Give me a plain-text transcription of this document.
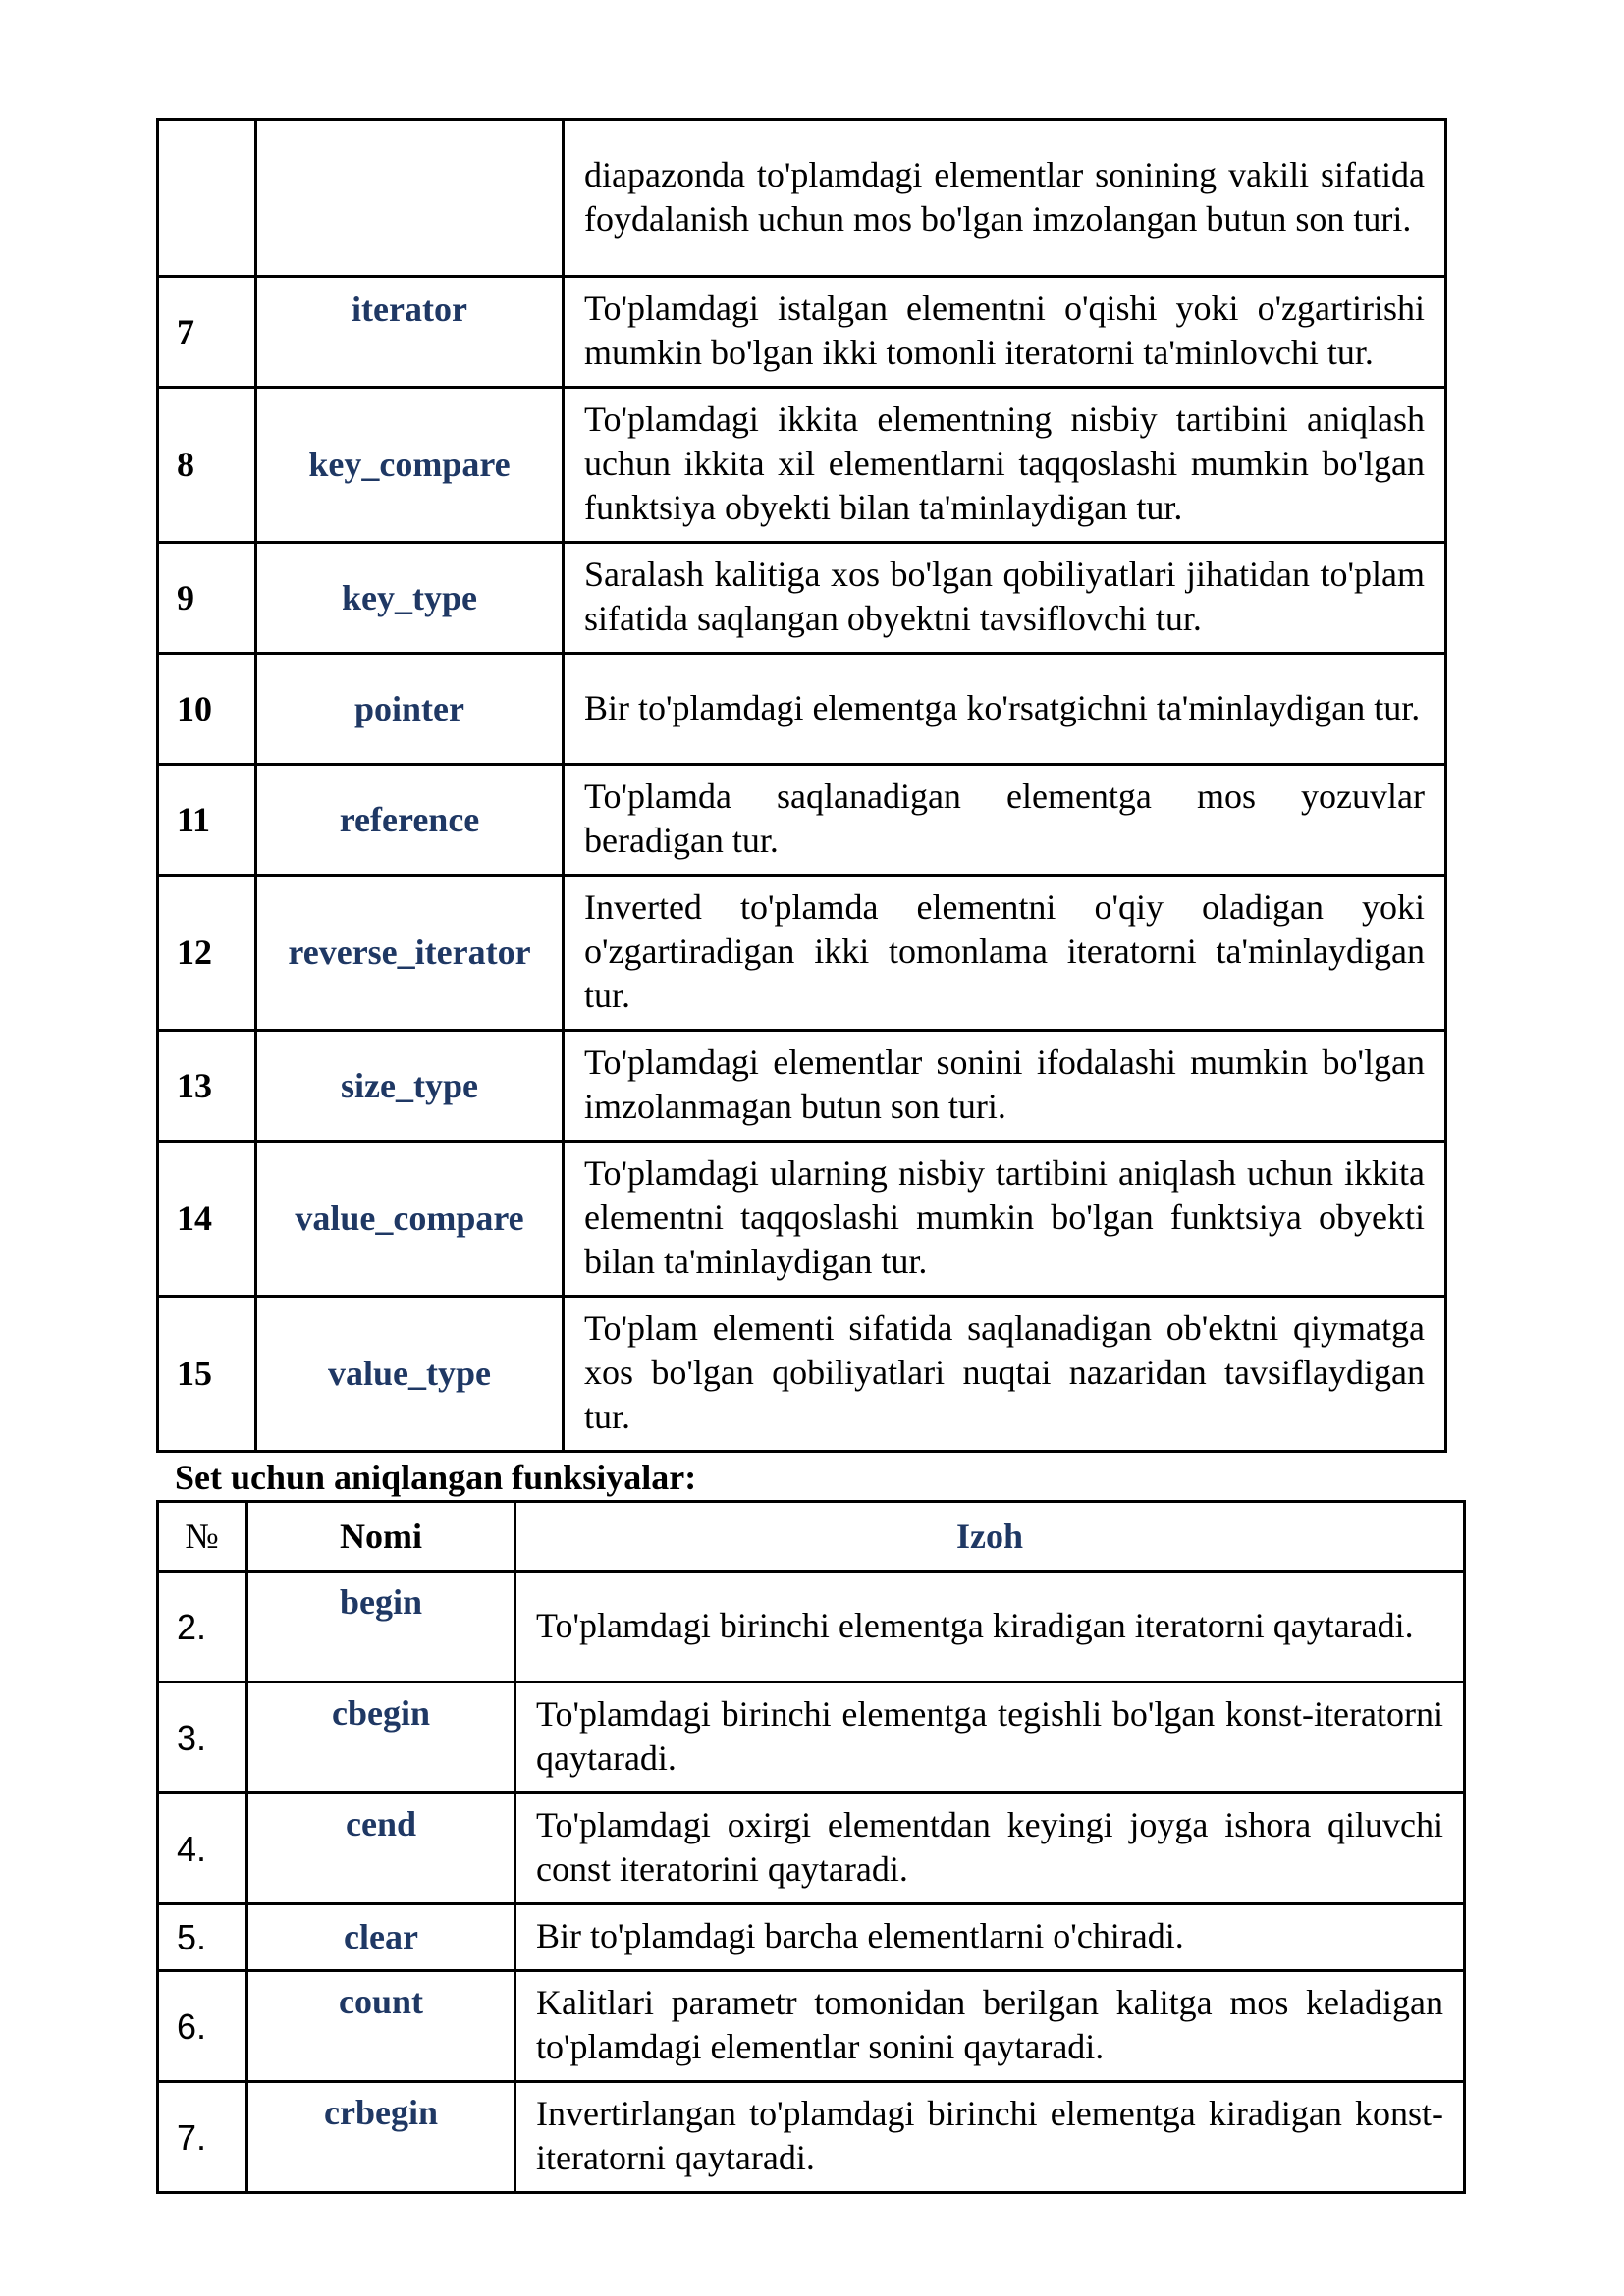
		diapazonda to'plamdagi elementlar sonining vakili sifatida foydalanish uchun mos bo'lgan imzolangan butun son turi.
7	iterator	To'plamdagi istalgan elementni o'qishi yoki o'zgartirishi mumkin bo'lgan ikki tomonli iteratorni ta'minlovchi tur.
8	key_compare	To'plamdagi ikkita elementning nisbiy tartibini aniqlash uchun ikkita xil elementlarni taqqoslashi mumkin bo'lgan funktsiya obyekti bilan ta'minlaydigan tur.
9	key_type	Saralash kalitiga xos bo'lgan qobiliyatlari jihatidan to'plam sifatida saqlangan obyektni tavsiflovchi tur.
10	pointer	Bir to'plamdagi elementga ko'rsatgichni ta'minlaydigan tur.
11	reference	To'plamda saqlanadigan elementga mos yozuvlar beradigan tur.
12	reverse_iterator	Inverted to'plamda elementni o'qiy oladigan yoki o'zgartiradigan ikki tomonlama iteratorni ta'minlaydigan tur.
13	size_type	To'plamdagi elementlar sonini ifodalashi mumkin bo'lgan imzolanmagan butun son turi.
14	value_compare	To'plamdagi ularning nisbiy tartibini aniqlash uchun ikkita elementni taqqoslashi mumkin bo'lgan funktsiya obyekti bilan ta'minlaydigan tur.
15	value_type	To'plam elementi sifatida saqlanadigan ob'ektni qiymatga xos bo'lgan qobiliyatlari nuqtai nazaridan tavsiflaydigan tur.
Set uchun aniqlangan funksiyalar:
№	Nomi	Izoh
2.	begin	To'plamdagi birinchi elementga kiradigan iteratorni qaytaradi.
3.	cbegin	To'plamdagi birinchi elementga tegishli bo'lgan konst-iteratorni qaytaradi.
4.	cend	To'plamdagi oxirgi elementdan keyingi joyga ishora qiluvchi const iteratorini qaytaradi.
5.	clear	Bir to'plamdagi barcha elementlarni o'chiradi.
6.	count	Kalitlari parametr tomonidan berilgan kalitga mos keladigan to'plamdagi elementlar sonini qaytaradi.
7.	crbegin	Invertirlangan to'plamdagi birinchi elementga kiradigan konst-iteratorni qaytaradi.
